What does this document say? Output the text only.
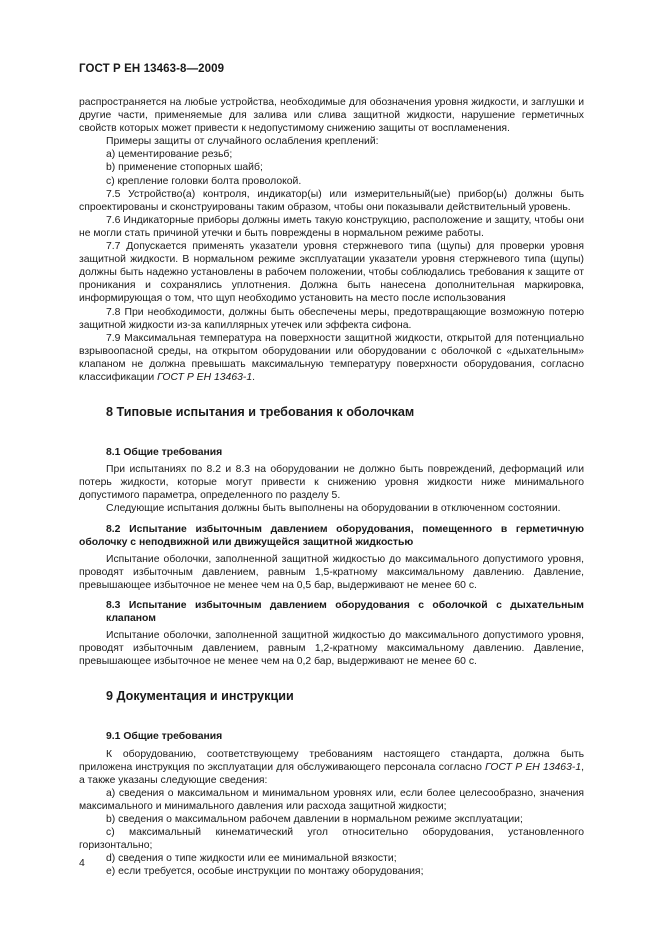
ГОСТ Р ЕН 13463-8—2009

распространяется на любые устройства, необходимые для обозначения уровня жидкости, и заглушки и другие части, применяемые для залива или слива защитной жидкости, нарушение герметичных свойств которых может привести к недопустимому снижению защиты от воспламенения.

Примеры защиты от случайного ослабления креплений:

а) цементирование резьб;

b) применение стопорных шайб;

с) крепление головки болта проволокой.

7.5 Устройство(а) контроля, индикатор(ы) или измерительный(ые) прибор(ы) должны быть спроектированы и сконструированы таким образом, чтобы они показывали действительный уровень.

7.6 Индикаторные приборы должны иметь такую конструкцию, расположение и защиту, чтобы они не могли стать причиной утечки и быть повреждены в нормальном режиме работы.

7.7 Допускается применять указатели уровня стержневого типа (щупы) для проверки уровня защитной жидкости. В нормальном режиме эксплуатации указатели уровня стержневого типа (щупы) должны быть надежно установлены в рабочем положении, чтобы соблюдались требования к защите от проникания и сохранялись уплотнения. Должна быть нанесена дополнительная маркировка, информирующая о том, что щуп необходимо установить на место после использования

7.8 При необходимости, должны быть обеспечены меры, предотвращающие возможную потерю защитной жидкости из-за капиллярных утечек или эффекта сифона.

7.9 Максимальная температура на поверхности защитной жидкости, открытой для потенциально взрывоопасной среды, на открытом оборудовании или оборудовании с оболочкой с «дыхательным» клапаном не должна превышать максимальную температуру поверхности оборудования, согласно классификации ГОСТ Р ЕН 13463-1.

8 Типовые испытания и требования к оболочкам
8.1 Общие требования

При испытаниях по 8.2 и 8.3 на оборудовании не должно быть повреждений, деформаций или потерь жидкости, которые могут привести к снижению уровня жидкости ниже минимального допустимого параметра, определенного по разделу 5.

Следующие испытания должны быть выполнены на оборудовании в отключенном состоянии.

8.2 Испытание избыточным давлением оборудования, помещенного в герметичную оболочку с неподвижной или движущейся защитной жидкостью

Испытание оболочки, заполненной защитной жидкостью до максимального допустимого уровня, проводят избыточным давлением, равным 1,5-кратному максимальному давлению. Давление, превышающее избыточное не менее чем на 0,5 бар, выдерживают не менее 60 с.

8.3 Испытание избыточным давлением оборудования с оболочкой с дыхательным клапаном

Испытание оболочки, заполненной защитной жидкостью до максимального допустимого уровня, проводят избыточным давлением, равным 1,2-кратному максимальному давлению. Давление, превышающее избыточное не менее чем на 0,2 бар, выдерживают не менее 60 с.

9 Документация и инструкции
9.1 Общие требования

К оборудованию, соответствующему требованиям настоящего стандарта, должна быть приложена инструкция по эксплуатации для обслуживающего персонала согласно ГОСТ Р ЕН 13463-1, а также указаны следующие сведения:

а) сведения о максимальном и минимальном уровнях или, если более целесообразно, значения максимального и минимального давления или расхода защитной жидкости;

b) сведения о максимальном рабочем давлении в нормальном режиме эксплуатации;

с) максимальный кинематический угол относительно оборудования, установленного горизонтально;

d) сведения о типе жидкости или ее минимальной вязкости;

е) если требуется, особые инструкции по монтажу оборудования;

4
